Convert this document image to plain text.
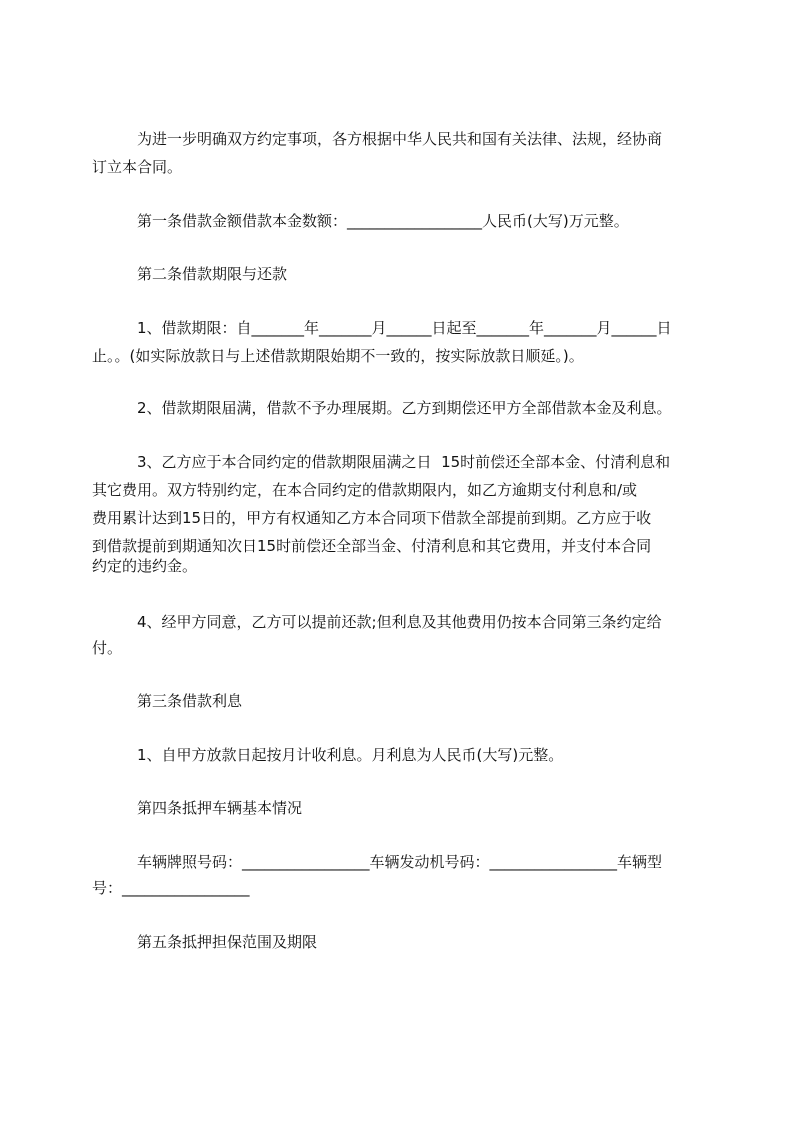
为进一步明确双方约定事项，各方根据中华人民共和国有关法律、法规，经协商
订立本合同。
第一条借款金额借款本金数额：__________________人民币(大写)万元整。
第二条借款期限与还款
1、借款期限：自_______年_______月______日起至_______年_______月______日
止。。(如实际放款日与上述借款期限始期不一致的，按实际放款日顺延。)。
2、借款期限届满，借款不予办理展期。乙方到期偿还甲方全部借款本金及利息。
3、乙方应于本合同约定的借款期限届满之日  15时前偿还全部本金、付清利息和
其它费用。双方特别约定，在本合同约定的借款期限内，如乙方逾期支付利息和/或
费用累计达到15日的，甲方有权通知乙方本合同项下借款全部提前到期。乙方应于收
到借款提前到期通知次日15时前偿还全部当金、付清利息和其它费用，并支付本合同
约定的违约金。
4、经甲方同意，乙方可以提前还款;但利息及其他费用仍按本合同第三条约定给
付。
第三条借款利息
1、自甲方放款日起按月计收利息。月利息为人民币(大写)元整。
第四条抵押车辆基本情况
车辆牌照号码：_________________车辆发动机号码：_________________车辆型
号：_________________
第五条抵押担保范围及期限
